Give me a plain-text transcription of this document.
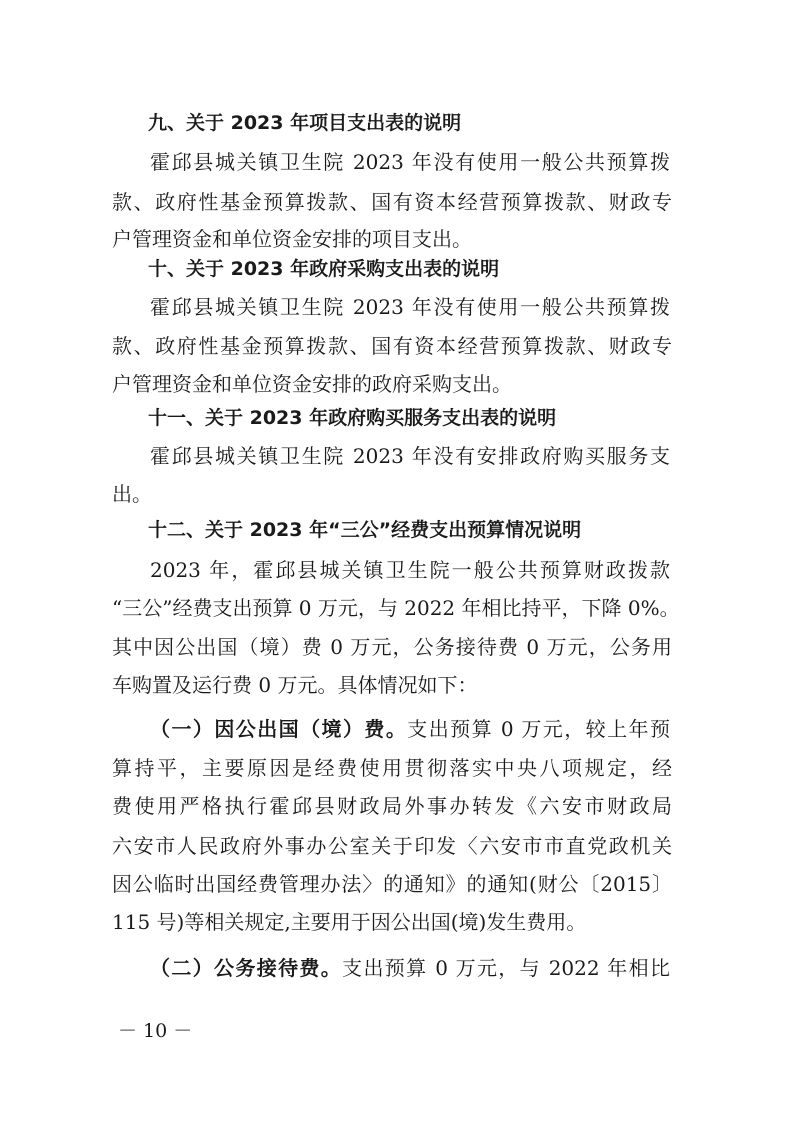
九、关于 2023 年项目支出表的说明
霍邱县城关镇卫生院 2023 年没有使用一般公共预算拨
款、政府性基金预算拨款、国有资本经营预算拨款、财政专
户管理资金和单位资金安排的项目支出。
十、关于 2023 年政府采购支出表的说明
霍邱县城关镇卫生院 2023 年没有使用一般公共预算拨
款、政府性基金预算拨款、国有资本经营预算拨款、财政专
户管理资金和单位资金安排的政府采购支出。
十一、关于 2023 年政府购买服务支出表的说明
霍邱县城关镇卫生院 2023 年没有安排政府购买服务支
出。
十二、关于 2023 年“三公”经费支出预算情况说明
2023 年，霍邱县城关镇卫生院一般公共预算财政拨款
“三公”经费支出预算 0 万元，与 2022 年相比持平，下降 0%。
其中因公出国（境）费 0 万元，公务接待费 0 万元，公务用
车购置及运行费 0 万元。具体情况如下：
（一）因公出国（境）费。支出预算 0 万元，较上年预
算持平，主要原因是经费使用贯彻落实中央八项规定，经
费使用严格执行霍邱县财政局外事办转发《六安市财政局
六安市人民政府外事办公室关于印发〈六安市市直党政机关
因公临时出国经费管理办法〉的通知》的通知(财公〔2015〕
115 号)等相关规定,主要用于因公出国(境)发生费用。
（二）公务接待费。支出预算 0 万元，与 2022 年相比
－ 10 －
